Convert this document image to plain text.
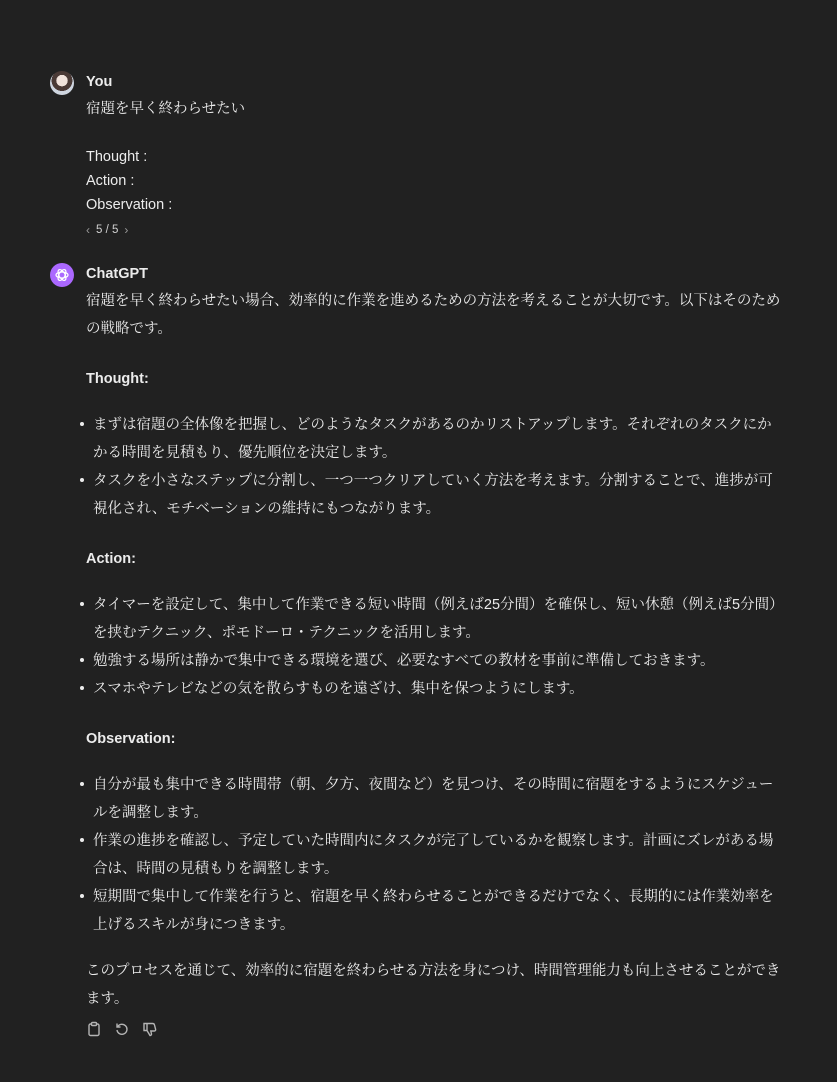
You
宿題を早く終わらせたい
Thought :
Action :
Observation :
‹ 5 / 5 ›
ChatGPT

宿題を早く終わらせたい場合、効率的に作業を進めるための方法を考えることが大切です。以下はそのための戦略です。

Thought:

まずは宿題の全体像を把握し、どのようなタスクがあるのかリストアップします。それぞれのタスクにかかる時間を見積もり、優先順位を決定します。
タスクを小さなステップに分割し、一つ一つクリアしていく方法を考えます。分割することで、進捗が可視化され、モチベーションの維持にもつながります。

Action:

タイマーを設定して、集中して作業できる短い時間（例えば25分間）を確保し、短い休憩（例えば5分間）を挟むテクニック、ポモドーロ・テクニックを活用します。
勉強する場所は静かで集中できる環境を選び、必要なすべての教材を事前に準備しておきます。
スマホやテレビなどの気を散らすものを遠ざけ、集中を保つようにします。

Observation:

自分が最も集中できる時間帯（朝、夕方、夜間など）を見つけ、その時間に宿題をするようにスケジュールを調整します。
作業の進捗を確認し、予定していた時間内にタスクが完了しているかを観察します。計画にズレがある場合は、時間の見積もりを調整します。
短期間で集中して作業を行うと、宿題を早く終わらせることができるだけでなく、長期的には作業効率を上げるスキルが身につきます。

このプロセスを通じて、効率的に宿題を終わらせる方法を身につけ、時間管理能力も向上させることができます。
